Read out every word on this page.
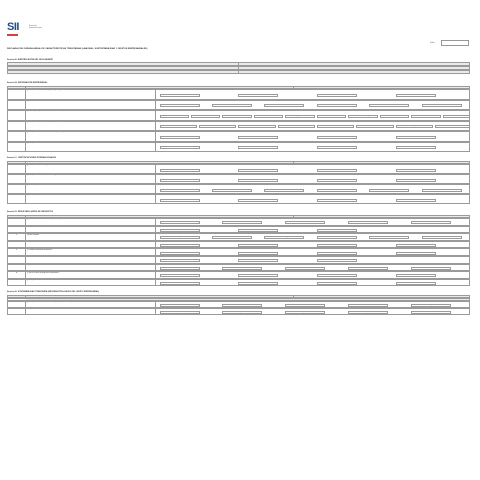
SII	Servicio de Impuestos Internos
Folio
DECLARACION JURADA ANUAL DE CARACTERISTICAS TRIBUTARIAS (LABORAL, SUSTENTABILIDAD Y GRUPOS EMPRESARIALES)
Sección A: IDENTIFICACIÓN DEL DECLARANTE
Sección B: INFORMACIÓN EMPRESARIAL
Sección C: CERTIFICACIONES INTERNACIONALES
Sección D: RESULTADO ANTES DE IMPUESTOS
Sección E: SOSTENIBILIDAD TRIBUTARIA (INFORMACIÓN A NIVEL DEL GRUPO EMPRESARIAL)
ROL ÚNICO TRIBUTARIO	NOMBRE O RAZÓN SOCIAL
DOMICILIO	COMUNA
CORREO ELECTRÓNICO	TELÉFONO
N°	PREGUNTA	RESPUESTA
1	¿La empresa se encuentra acogida a algún régimen de zona franca o de extremas?
SÍ	NO	SÍ	NO
2	¿Cuál es el mercado en el que se desarrolla su actividad empresarial?
LOCAL/NACIONAL	1	EXPORTACIÓN	2	LOCAL Y EXPORTACIÓN	3
3	¿Cuál es el principal canal de distribución de sus productos?
DIRECTO	1	DISTRIBUIDOR	2	Tienda propia/ e-commerce	3	Ventas por catálogo	4	Otros	5
4	¿La empresa tiene operaciones en el extranjero?
NACIONAL	1	OTRA	2	AMBOS	3	Ninguna	4
5	¿La empresa realiza actividades de investigación y desarrollo?
SÍ	NO	SÍ	NO
6	¿La empresa cuenta con certificaciones de calidad?
SÍ	NO	SÍ	NO
N°	PREGUNTA	RESPUESTA
1	¿La empresa ha obtenido alguna certificación internacional en los últimos tres años?
SÍ	NO	SÍ	NO
2	¿La empresa cuenta con un sistema de gestión ambiental certificado?
SÍ	NO	SÍ	NO
3	¿Cuál es el tipo de certificación obtenida?
EXTERIOR DE LA EMPRESA	1	INTERIOR DE LA EMPRESA	2	AMBOS	3
4	¿La empresa publica un reporte de sostenibilidad?
SÍ	NO	SÍ	NO
N°	PREGUNTA	RESPUESTA
1	¿Cuál fue el resultado antes de impuestos del ejercicio?
SÍ	NO	SÍ	NO	NINGUNA
2	Indique el monto del resultado
Monto	Monto	Monto
3	Tipo de resultado
Resultado positivo	1	Resultado negativo	2	Sin resultado	3
4	Indique la moneda utilizada
PESO	USD	EURO	OTRA
5	¿La empresa distribuyó dividendos?
SÍ	NO	SÍ	NO
6	Monto de los dividendos distribuidos
Monto	Monto	Monto
7	Tipo de dividendo
Provisorio	Definitivo	Adicional	Eventual	Otro
8	¿Cuál es la forma de pago de los dividendos?
SÍ	NO	SÍ	NO
9	¿La empresa realizó retiros de utilidades?
SÍ	NO	SÍ	NO
N°	PREGUNTA	RESPUESTA
CONTRIBUCIÓN Y COMPROMISO CON EL ENTORNO
1	¿La empresa cuenta con políticas de responsabilidad social empresarial?
SÍ	NO	SÍ	NO	Ninguna
2	Indique las iniciativas desarrolladas
Opción A	Opción B	Opción C	Opción D	Opción E
